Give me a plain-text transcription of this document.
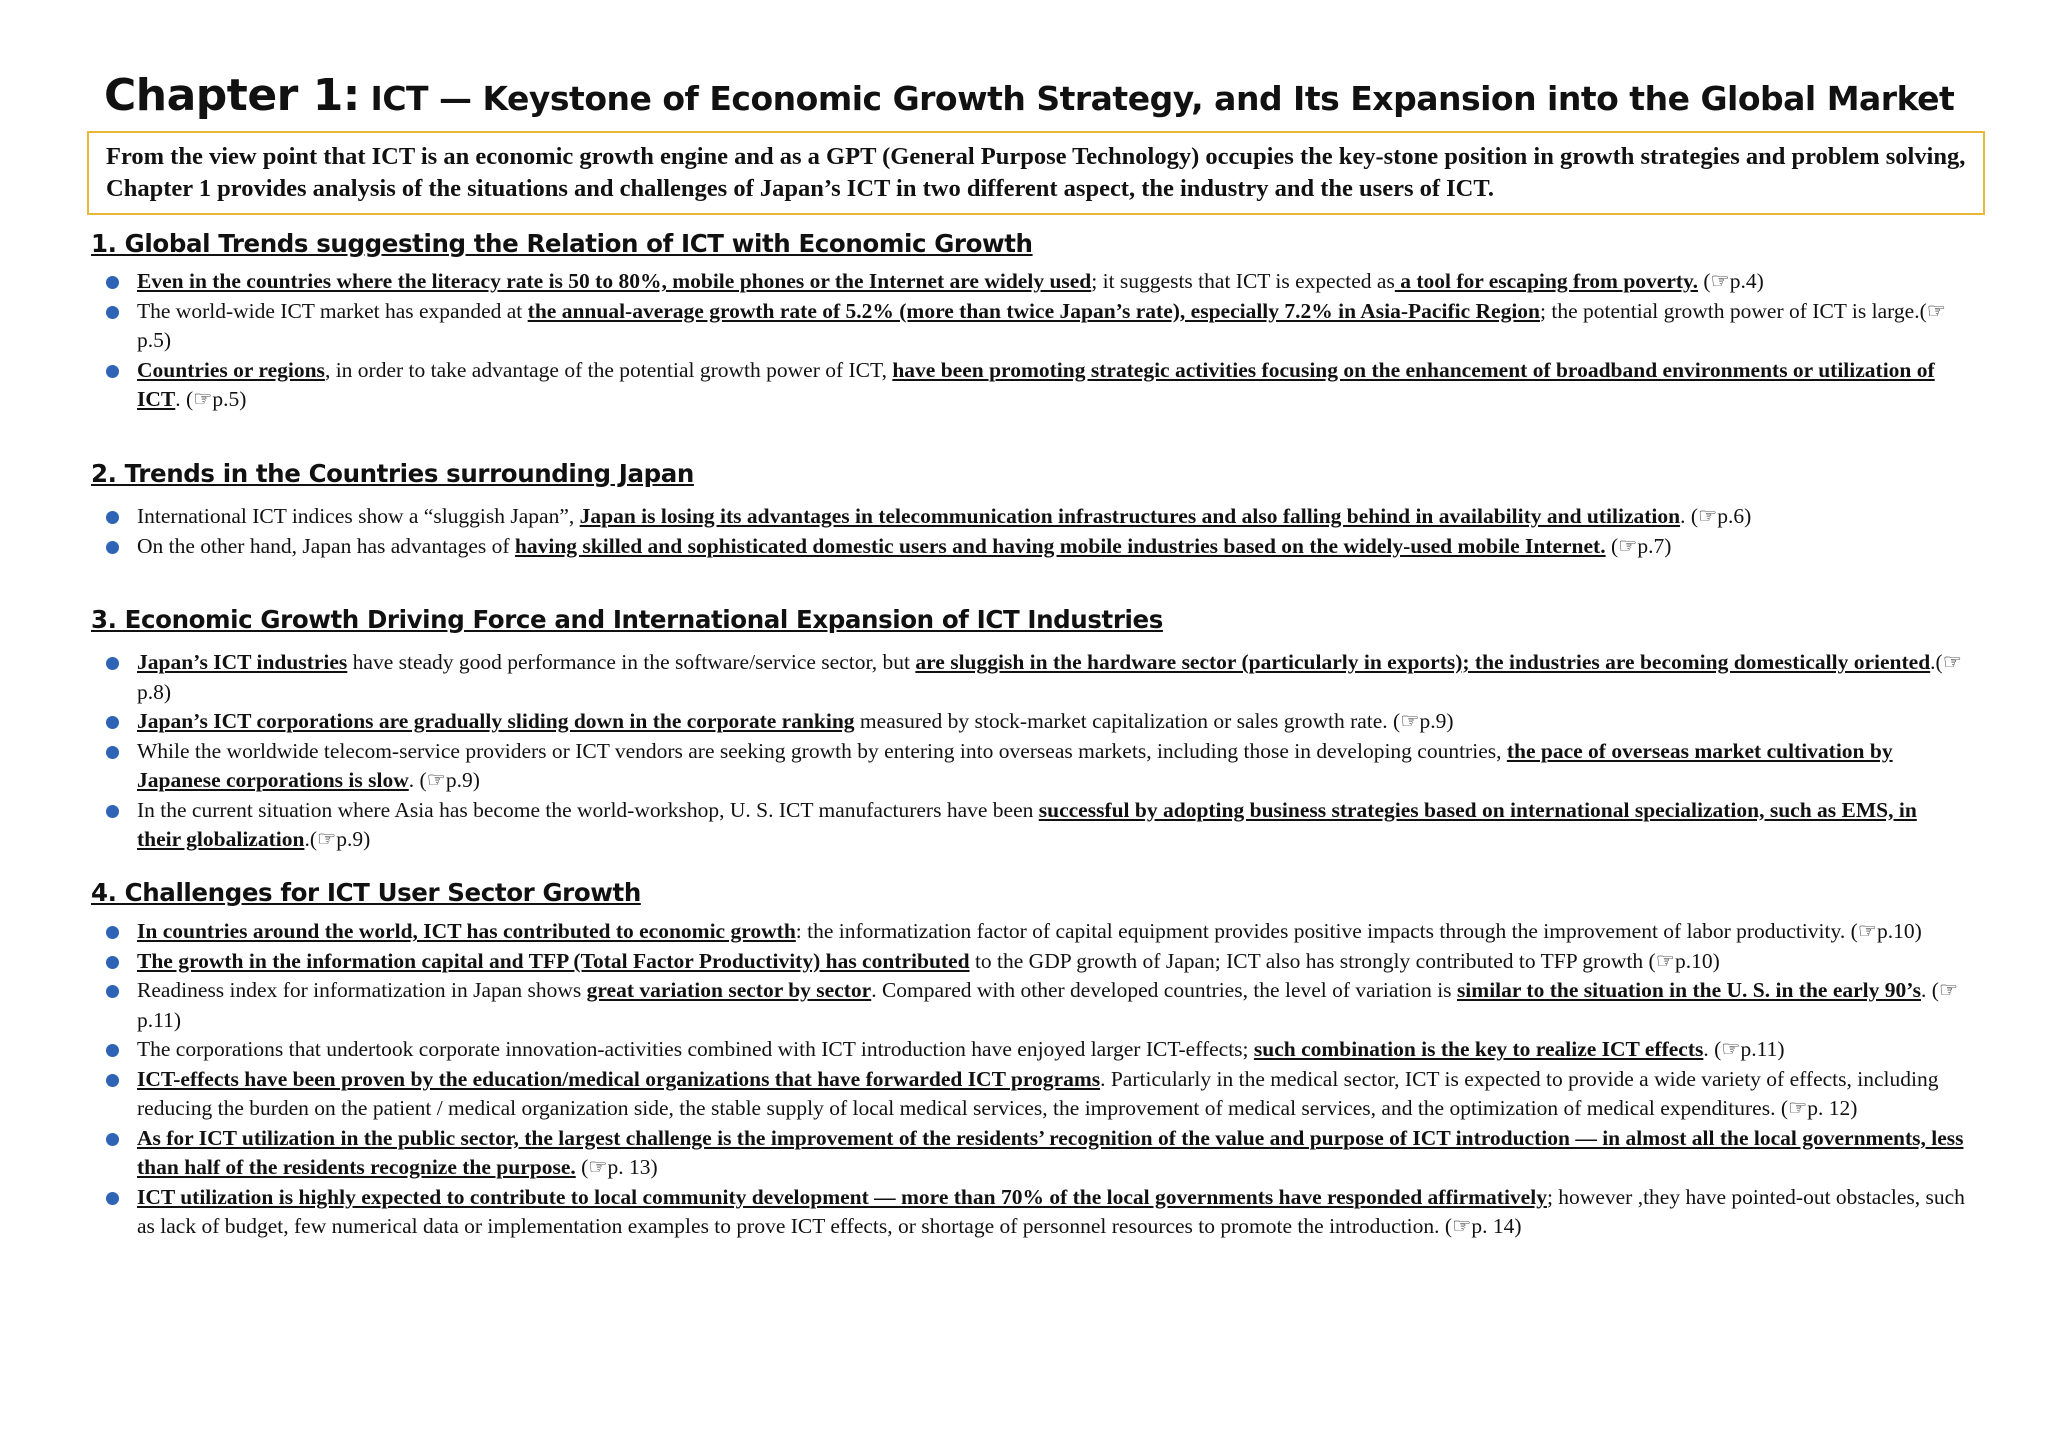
Chapter 1: ICT — Keystone of Economic Growth Strategy, and Its Expansion into the Global Market
From the view point that ICT is an economic growth engine and as a GPT (General Purpose Technology) occupies the key-stone position in growth strategies and problem solving, Chapter 1 provides analysis of the situations and challenges of Japan’s ICT in two different aspect, the industry and the users of ICT.
1. Global Trends suggesting the Relation of ICT with Economic Growth
Even in the countries where the literacy rate is 50 to 80%, mobile phones or the Internet are widely used; it suggests that ICT is expected as a tool for escaping from poverty. (☞p.4)
The world-wide ICT market has expanded at the annual-average growth rate of 5.2% (more than twice Japan’s rate), especially 7.2% in Asia-Pacific Region; the potential growth power of ICT is large.(☞p.5)
Countries or regions, in order to take advantage of the potential growth power of ICT, have been promoting strategic activities focusing on the enhancement of broadband environments or utilization of ICT. (☞p.5)
2. Trends in the Countries surrounding Japan
International ICT indices show a “sluggish Japan”, Japan is losing its advantages in telecommunication infrastructures and also falling behind in availability and utilization. (☞p.6)
On the other hand, Japan has advantages of having skilled and sophisticated domestic users and having mobile industries based on the widely-used mobile Internet. (☞p.7)
3. Economic Growth Driving Force and International Expansion of ICT Industries
Japan’s ICT industries have steady good performance in the software/service sector, but are sluggish in the hardware sector (particularly in exports); the industries are becoming domestically oriented.(☞p.8)
Japan’s ICT corporations are gradually sliding down in the corporate ranking measured by stock-market capitalization or sales growth rate. (☞p.9)
While the worldwide telecom-service providers or ICT vendors are seeking growth by entering into overseas markets, including those in developing countries, the pace of overseas market cultivation by Japanese corporations is slow. (☞p.9)
In the current situation where Asia has become the world-workshop, U. S. ICT manufacturers have been successful by adopting business strategies based on international specialization, such as EMS, in their globalization.(☞p.9)
4. Challenges for ICT User Sector Growth
In countries around the world, ICT has contributed to economic growth: the informatization factor of capital equipment provides positive impacts through the improvement of labor productivity. (☞p.10)
The growth in the information capital and TFP (Total Factor Productivity) has contributed to the GDP growth of Japan; ICT also has strongly contributed to TFP growth (☞p.10)
Readiness index for informatization in Japan shows great variation sector by sector. Compared with other developed countries, the level of variation is similar to the situation in the U. S. in the early 90’s. (☞p.11)
The corporations that undertook corporate innovation-activities combined with ICT introduction have enjoyed larger ICT-effects; such combination is the key to realize ICT effects. (☞p.11)
ICT-effects have been proven by the education/medical organizations that have forwarded ICT programs. Particularly in the medical sector, ICT is expected to provide a wide variety of effects, including reducing the burden on the patient / medical organization side, the stable supply of local medical services, the improvement of medical services, and the optimization of medical expenditures. (☞p. 12)
As for ICT utilization in the public sector, the largest challenge is the improvement of the residents’ recognition of the value and purpose of ICT introduction — in almost all the local governments, less than half of the residents recognize the purpose. (☞p. 13)
ICT utilization is highly expected to contribute to local community development — more than 70% of the local governments have responded affirmatively; however ,they have pointed-out obstacles, such as lack of budget, few numerical data or implementation examples to prove ICT effects, or shortage of personnel resources to promote the introduction. (☞p. 14)
